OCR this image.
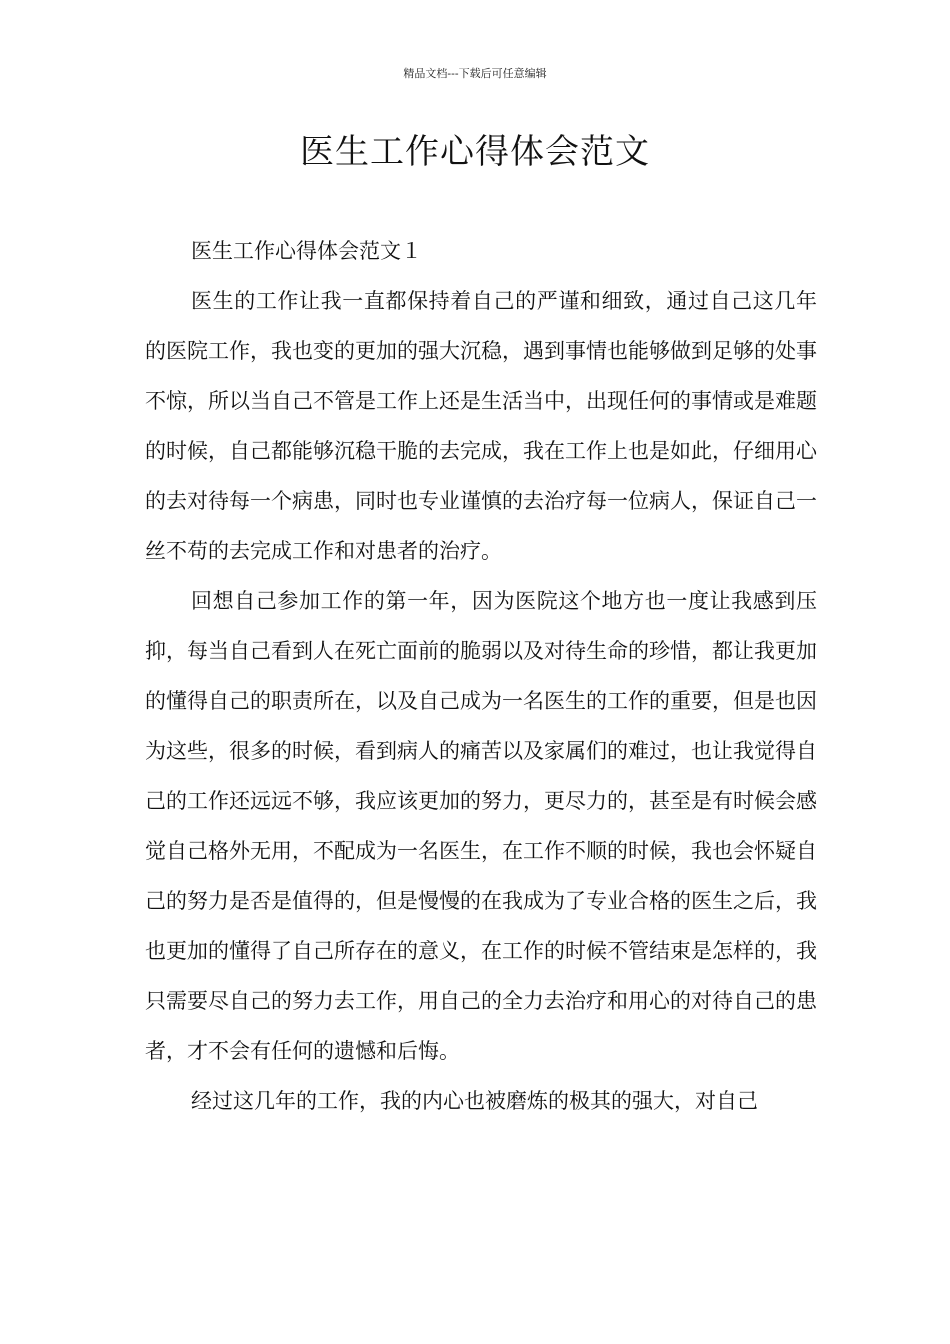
精品文档---下载后可任意编辑
医生工作心得体会范文

医生工作心得体会范文１

医生的工作让我一直都保持着自己的严谨和细致，通过自己这几年的医院工作，我也变的更加的强大沉稳，遇到事情也能够做到足够的处事不惊，所以当自己不管是工作上还是生活当中，出现任何的事情或是难题的时候，自己都能够沉稳干脆的去完成，我在工作上也是如此，仔细用心的去对待每一个病患，同时也专业谨慎的去治疗每一位病人，保证自己一丝不苟的去完成工作和对患者的治疗。

回想自己参加工作的第一年，因为医院这个地方也一度让我感到压抑，每当自己看到人在死亡面前的脆弱以及对待生命的珍惜，都让我更加的懂得自己的职责所在，以及自己成为一名医生的工作的重要，但是也因为这些，很多的时候，看到病人的痛苦以及家属们的难过，也让我觉得自己的工作还远远不够，我应该更加的努力，更尽力的，甚至是有时候会感觉自己格外无用，不配成为一名医生，在工作不顺的时候，我也会怀疑自己的努力是否是值得的，但是慢慢的在我成为了专业合格的医生之后，我也更加的懂得了自己所存在的意义，在工作的时候不管结束是怎样的，我只需要尽自己的努力去工作，用自己的全力去治疗和用心的对待自己的患者，才不会有任何的遗憾和后悔。

经过这几年的工作，我的内心也被磨炼的极其的强大，对自己
